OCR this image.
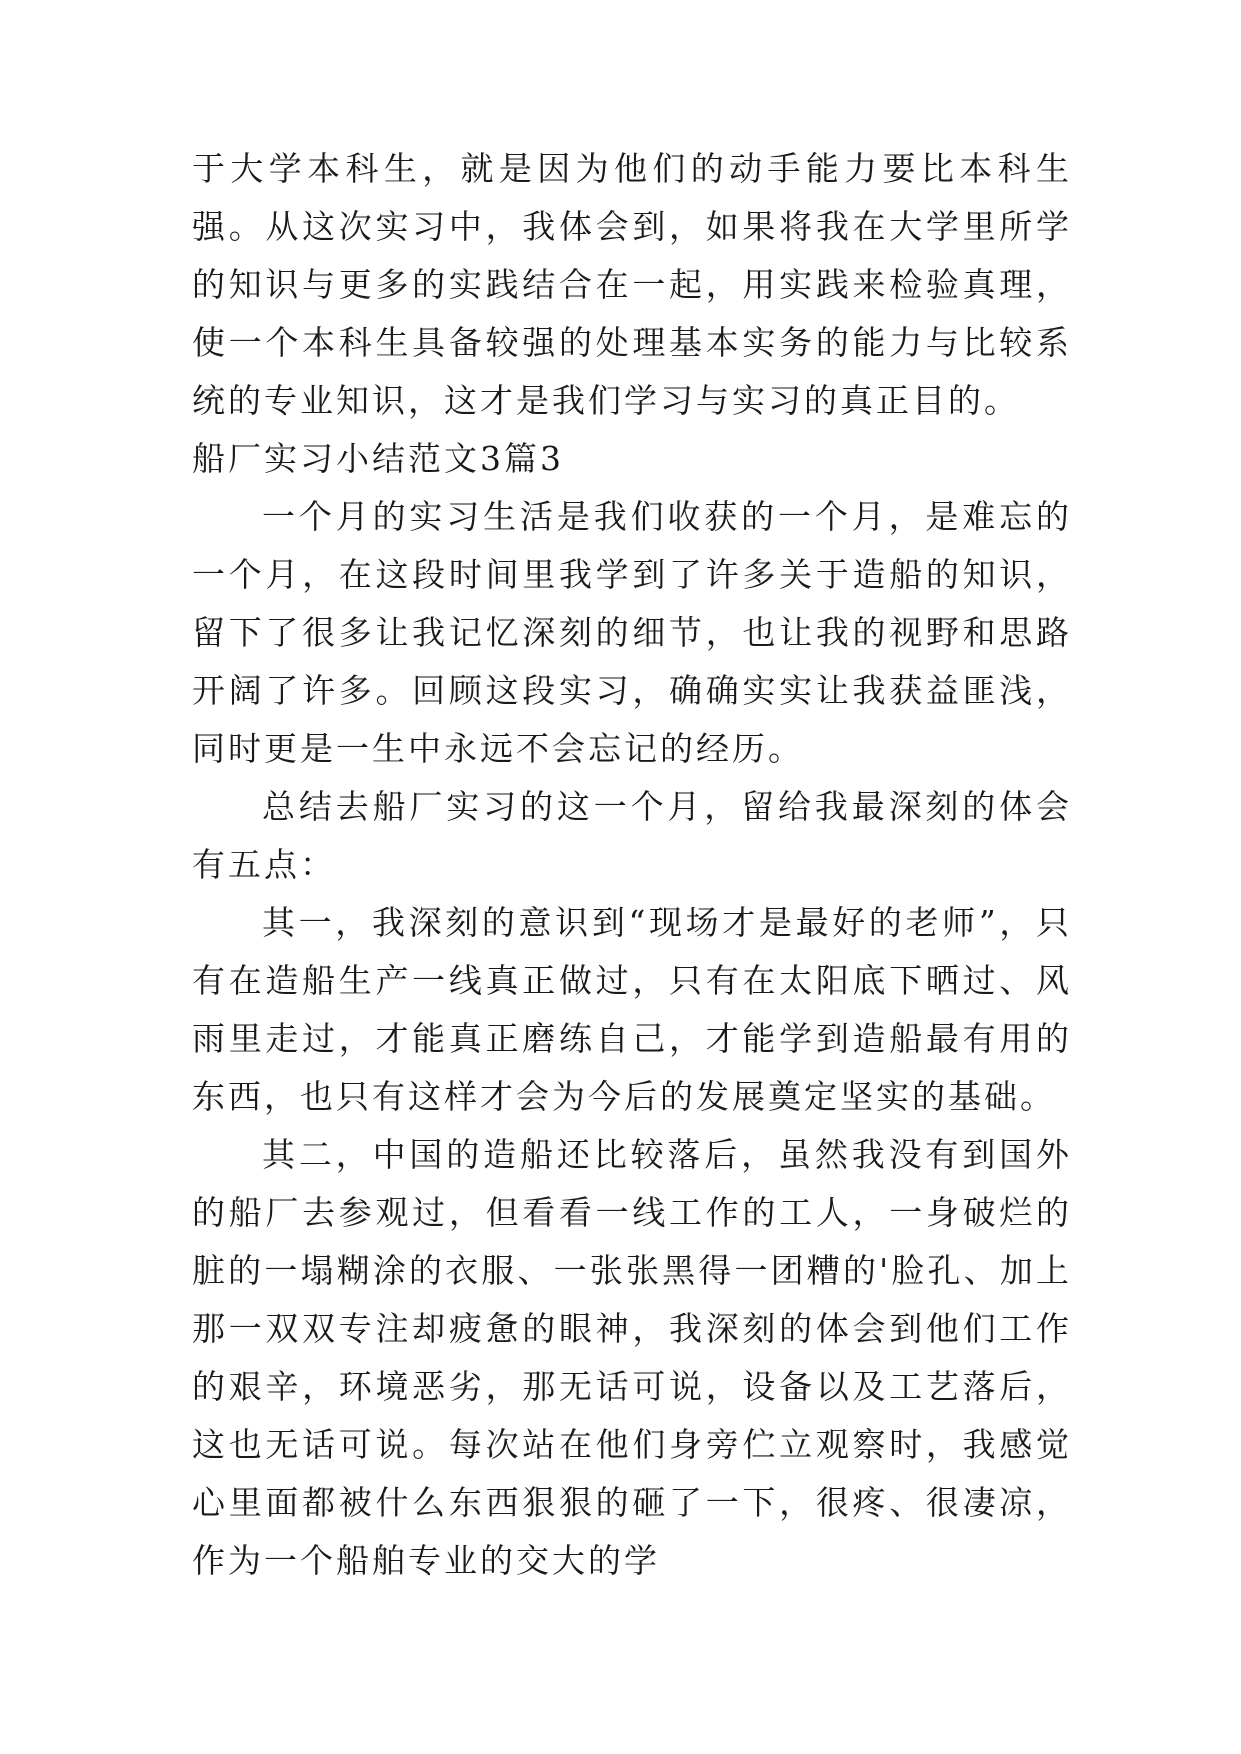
于大学本科生，就是因为他们的动手能力要比本科生强。从这次实习中，我体会到，如果将我在大学里所学的知识与更多的实践结合在一起，用实践来检验真理，使一个本科生具备较强的处理基本实务的能力与比较系统的专业知识，这才是我们学习与实习的真正目的。

船厂实习小结范文3篇3

一个月的实习生活是我们收获的一个月，是难忘的一个月，在这段时间里我学到了许多关于造船的知识，留下了很多让我记忆深刻的细节，也让我的视野和思路开阔了许多。回顾这段实习，确确实实让我获益匪浅，同时更是一生中永远不会忘记的经历。

总结去船厂实习的这一个月，留给我最深刻的体会有五点：

其一，我深刻的意识到“现场才是最好的老师”，只有在造船生产一线真正做过，只有在太阳底下晒过、风雨里走过，才能真正磨练自己，才能学到造船最有用的东西，也只有这样才会为今后的发展奠定坚实的基础。

其二，中国的造船还比较落后，虽然我没有到国外的船厂去参观过，但看看一线工作的工人，一身破烂的脏的一塌糊涂的衣服、一张张黑得一团糟的'脸孔、加上那一双双专注却疲惫的眼神，我深刻的体会到他们工作的艰辛，环境恶劣，那无话可说，设备以及工艺落后，这也无话可说。每次站在他们身旁伫立观察时，我感觉心里面都被什么东西狠狠的砸了一下，很疼、很凄凉，作为一个船舶专业的交大的学
